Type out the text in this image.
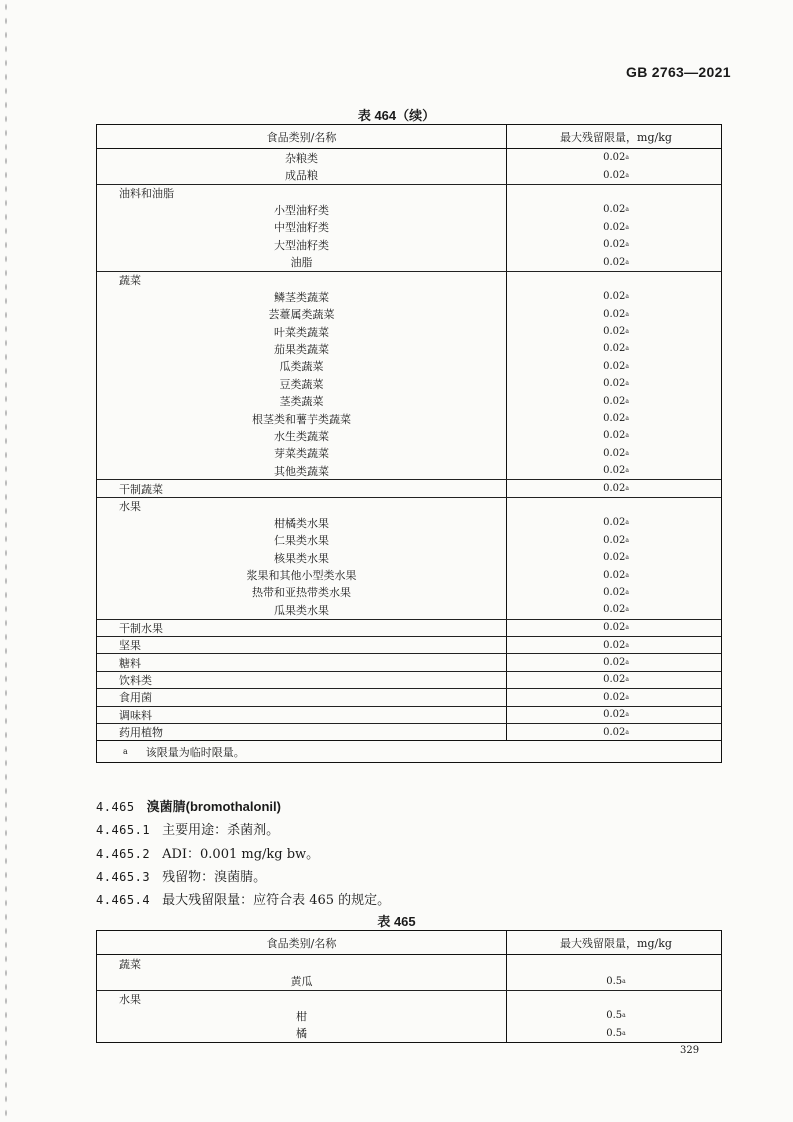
GB 2763—2021
表 464（续）
食品类别/名称	最大残留限量，mg/kg
杂粮类	0.02 a
成品粮	0.02 a
油料和油脂
小型油籽类	0.02 a
中型油籽类	0.02 a
大型油籽类	0.02 a
油脂	0.02 a
蔬菜
鳞茎类蔬菜	0.02 a
芸薹属类蔬菜	0.02 a
叶菜类蔬菜	0.02 a
茄果类蔬菜	0.02 a
瓜类蔬菜	0.02 a
豆类蔬菜	0.02 a
茎类蔬菜	0.02 a
根茎类和薯芋类蔬菜	0.02 a
水生类蔬菜	0.02 a
芽菜类蔬菜	0.02 a
其他类蔬菜	0.02 a
干制蔬菜	0.02 a
水果
柑橘类水果	0.02 a
仁果类水果	0.02 a
核果类水果	0.02 a
浆果和其他小型类水果	0.02 a
热带和亚热带类水果	0.02 a
瓜果类水果	0.02 a
干制水果	0.02 a
坚果	0.02 a
糖料	0.02 a
饮料类	0.02 a
食用菌	0.02 a
调味料	0.02 a
药用植物	0.02 a
a 该限量为临时限量。
4.465 溴菌腈(bromothalonil)
4.465.1 主要用途：杀菌剂。
4.465.2 ADI：0.001 mg/kg bw。
4.465.3 残留物：溴菌腈。
4.465.4 最大残留限量：应符合表 465 的规定。
表 465
食品类别/名称	最大残留限量，mg/kg
蔬菜
黄瓜	0.5 a
水果
柑	0.5 a
橘	0.5 a
329
